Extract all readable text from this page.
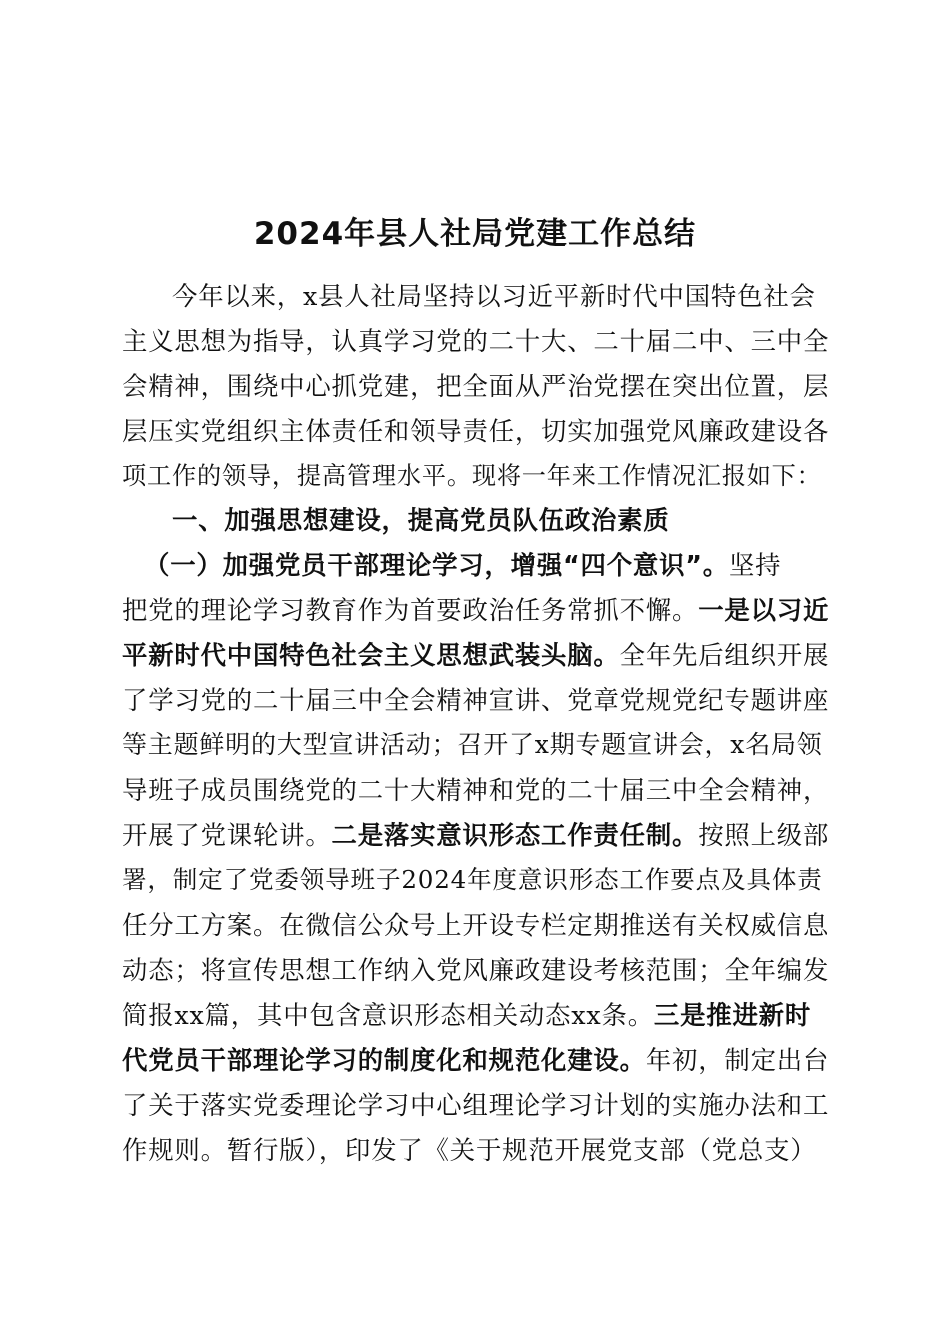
2024年县人社局党建工作总结
今年以来，x县人社局坚持以习近平新时代中国特色社会
主义思想为指导，认真学习党的二十大、二十届二中、三中全
会精神，围绕中心抓党建，把全面从严治党摆在突出位置，层
层压实党组织主体责任和领导责任，切实加强党风廉政建设各
项工作的领导，提高管理水平。现将一年来工作情况汇报如下：
一、加强思想建设，提高党员队伍政治素质
（一）加强党员干部理论学习，增强“四个意识”。坚持
把党的理论学习教育作为首要政治任务常抓不懈。一是以习近
平新时代中国特色社会主义思想武装头脑。全年先后组织开展
了学习党的二十届三中全会精神宣讲、党章党规党纪专题讲座
等主题鲜明的大型宣讲活动；召开了x期专题宣讲会，x名局领
导班子成员围绕党的二十大精神和党的二十届三中全会精神，
开展了党课轮讲。二是落实意识形态工作责任制。按照上级部
署，制定了党委领导班子2024年度意识形态工作要点及具体责
任分工方案。在微信公众号上开设专栏定期推送有关权威信息
动态；将宣传思想工作纳入党风廉政建设考核范围；全年编发
简报xx篇，其中包含意识形态相关动态xx条。三是推进新时
代党员干部理论学习的制度化和规范化建设。年初，制定出台
了关于落实党委理论学习中心组理论学习计划的实施办法和工
作规则。暂行版），印发了《关于规范开展党支部（党总支）
